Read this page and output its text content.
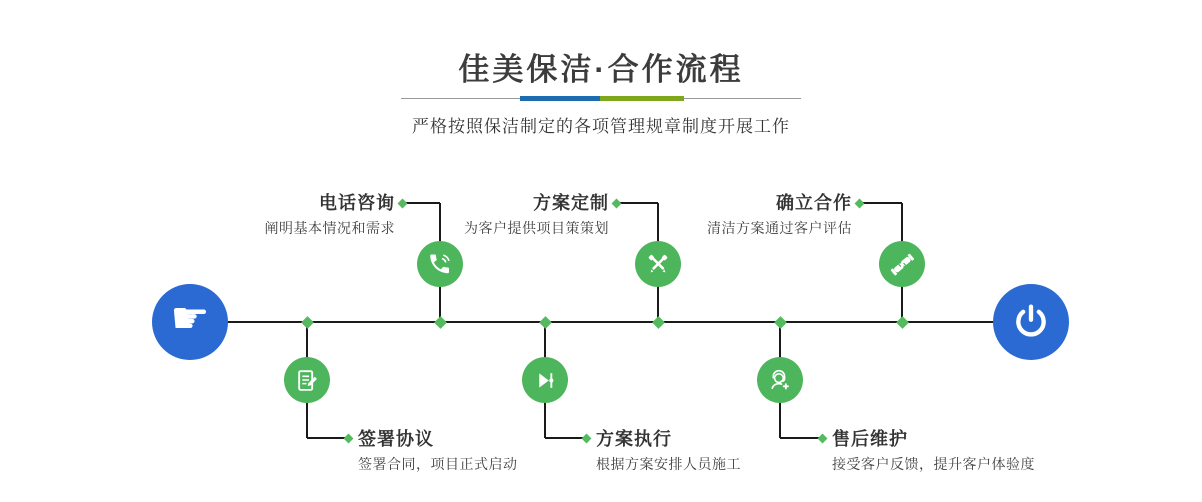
佳美保洁·合作流程
严格按照保洁制定的各项管理规章制度开展工作
电话咨询
阐明基本情况和需求
方案定制
为客户提供项目策策划
确立合作
清洁方案通过客户评估
签署协议
签署合同，项目正式启动
方案执行
根据方案安排人员施工
售后维护
接受客户反馈，提升客户体验度
☛
